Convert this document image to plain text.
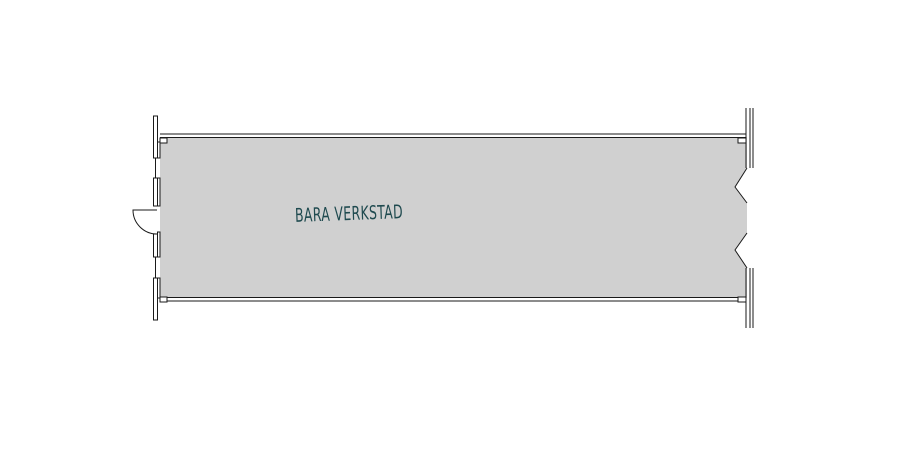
BARA VERKSTAD
